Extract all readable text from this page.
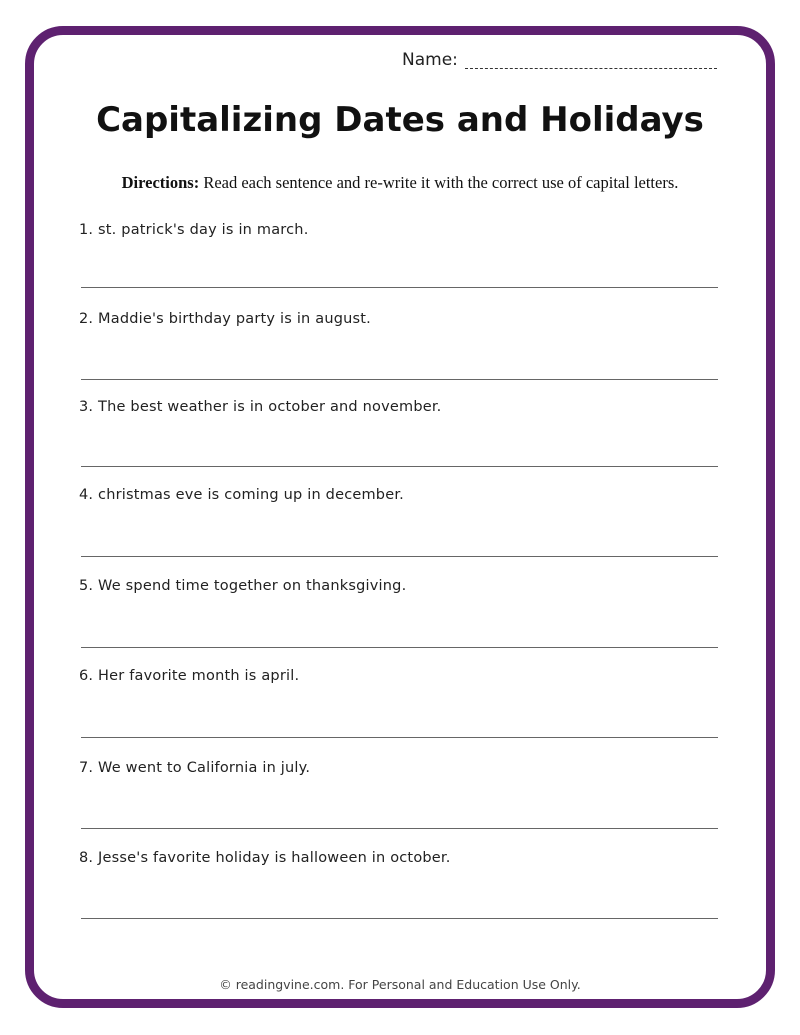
Name:
Capitalizing Dates and Holidays
Directions: Read each sentence and re-write it with the correct use of capital letters.
1. st. patrick's day is in march.
2. Maddie's birthday party is in august.
3. The best weather is in october and november.
4. christmas eve is coming up in december.
5. We spend time together on thanksgiving.
6. Her favorite month is april.
7. We went to California in july.
8. Jesse's favorite holiday is halloween in october.
© readingvine.com. For Personal and Education Use Only.
